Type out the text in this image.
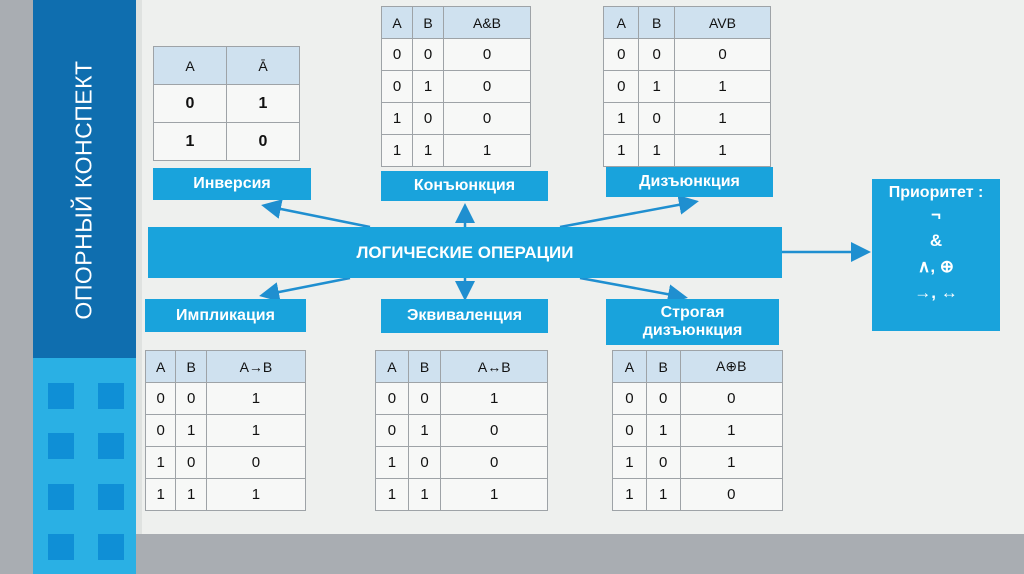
ОПОРНЫЙ КОНСПЕКТ	A	Ā
0	1
1	0
A	B	A&B
0	0	0
0	1	0
1	0	0
1	1	1
A	B	AVB
0	0	0
0	1	1
1	0	1
1	1	1
A	B	A→B
0	0	1
0	1	1
1	0	0
1	1	1
A	B	A↔B
0	0	1
0	1	0
1	0	0
1	1	1
A	B	A⊕B
0	0	0
0	1	1
1	0	1
1	1	0
Инверсия	Конъюнкция	Дизъюнкция
Импликация	Эквиваленция	Строгая дизъюнкция
ЛОГИЧЕСКИЕ ОПЕРАЦИИ
Приоритет :
¬
&
∧, ⊕
→, ↔
